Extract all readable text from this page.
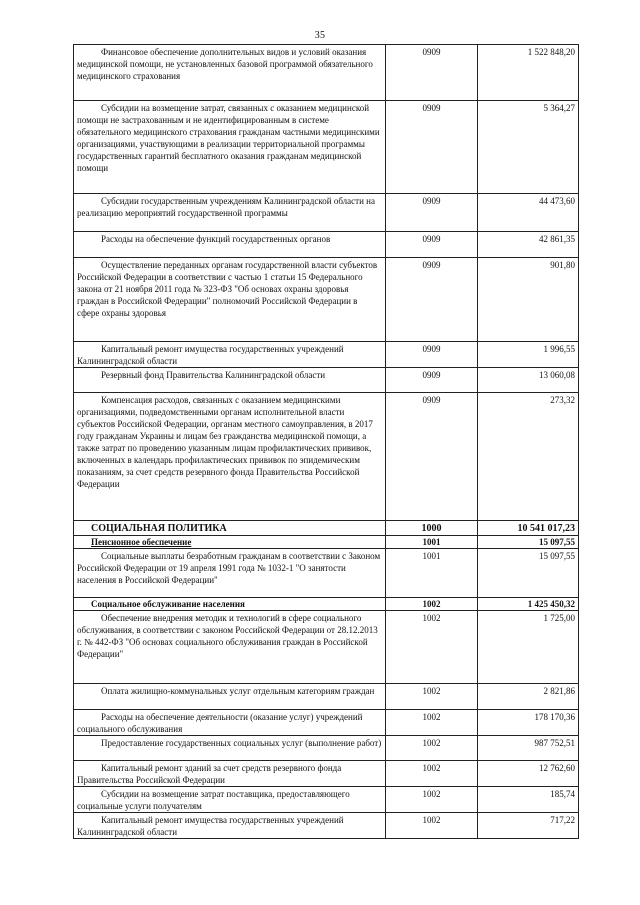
35
Финансовое обеспечение дополнительных видов и условий оказания медицинской помощи, не установленных базовой программой обязательного медицинского страхования	0909	1 522 848,20
Субсидии на возмещение затрат, связанных с оказанием медицинской помощи не застрахованным и не идентифицированным в системе обязательного медицинского страхования гражданам частными медицинскими организациями, участвующими в реализации территориальной программы государственных гарантий бесплатного оказания гражданам медицинской помощи	0909	5 364,27
Субсидии государственным учреждениям Калининградской области на реализацию мероприятий государственной программы	0909	44 473,60
Расходы на обеспечение функций государственных органов	0909	42 861,35
Осуществление переданных органам государственной власти субъектов Российской Федерации в соответствии с частью 1 статьи 15 Федерального закона от 21 ноября 2011 года № 323-ФЗ "Об основах охраны здоровья граждан в Российской Федерации" полномочий Российской Федерации в сфере охраны здоровья	0909	901,80
Капитальный ремонт имущества государственных учреждений Калининградской области	0909	1 996,55
Резервный фонд Правительства Калининградской области	0909	13 060,08
Компенсация расходов, связанных с оказанием медицинскими организациями, подведомственными органам исполнительной власти субъектов Российской Федерации, органам местного самоуправления, в 2017 году гражданам Украины и лицам без гражданства медицинской помощи, а также затрат по проведению указанным лицам профилактических прививок, включенных в календарь профилактических прививок по эпидемическим показаниям, за счет средств резервного фонда Правительства Российской Федерации	0909	273,32
СОЦИАЛЬНАЯ ПОЛИТИКА	1000	10 541 017,23
Пенсионное обеспечение	1001	15 097,55
Социальные выплаты безработным гражданам в соответствии с Законом Российской Федерации от 19 апреля 1991 года № 1032-1 "О занятости населения в Российской Федерации"	1001	15 097,55
Социальное обслуживание населения	1002	1 425 450,32
Обеспечение внедрения методик и технологий в сфере социального обслуживания, в соответствии с законом Российской Федерации от 28.12.2013 г. № 442-ФЗ "Об основах социального обслуживания граждан в Российской Федерации"	1002	1 725,00
Оплата жилищно-коммунальных услуг отдельным категориям граждан	1002	2 821,86
Расходы на обеспечение деятельности (оказание услуг) учреждений социального обслуживания	1002	178 170,36
Предоставление государственных социальных услуг (выполнение работ)	1002	987 752,51
Капитальный ремонт зданий за счет средств резервного фонда Правительства Российской Федерации	1002	12 762,60
Субсидии на возмещение затрат поставщика, предоставляющего социальные услуги получателям	1002	185,74
Капитальный ремонт имущества государственных учреждений Калининградской области	1002	717,22
